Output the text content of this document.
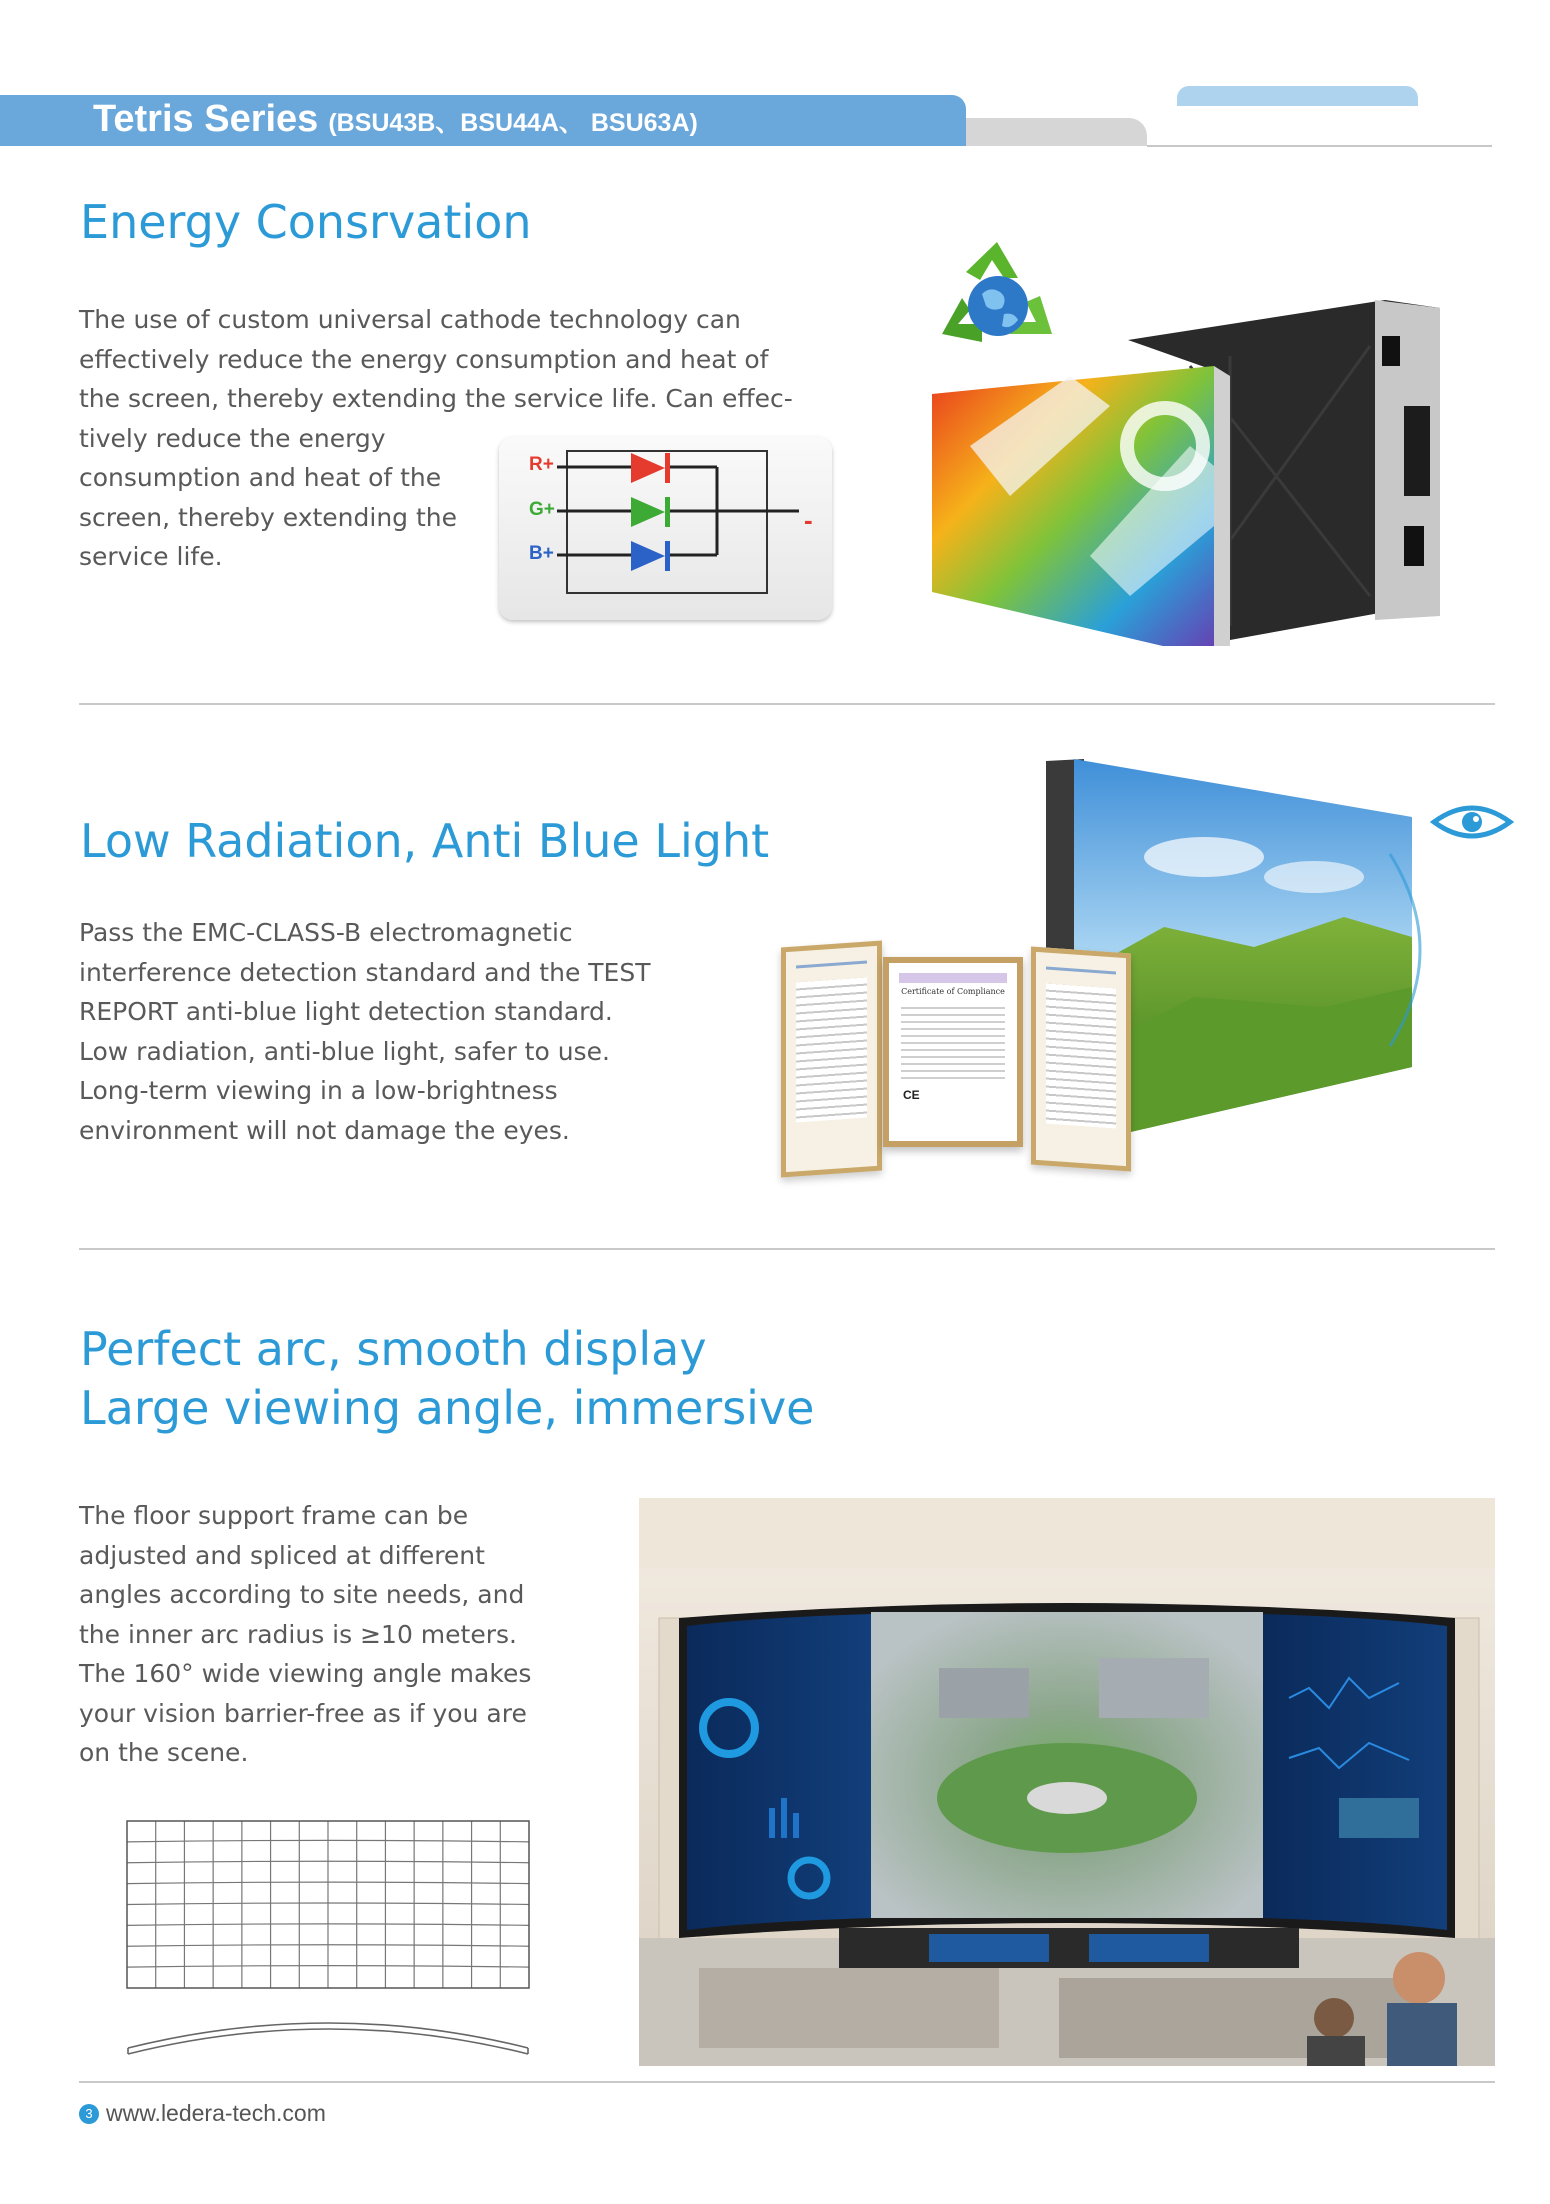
Tetris Series (BSU43B、BSU44A、 BSU63A)
Energy Consrvation
The use of custom universal cathode technology can
effectively reduce the energy consumption and heat of
the screen, thereby extending the service life. Can effec-
tively reduce the energy
consumption and heat of the
screen, thereby extending the
service life.
R+
G+
B+
-
Low Radiation, Anti Blue Light
Pass the EMC-CLASS-B electromagnetic
interference detection standard and the TEST
REPORT anti-blue light detection standard.
Low radiation, anti-blue light, safer to use.
Long-term viewing in a low-brightness
environment will not damage the eyes.
Certificate of Compliance
CE
Perfect arc, smooth display
Large viewing angle, immersive
The floor support frame can be
adjusted and spliced at different
angles according to site needs, and
the inner arc radius is ≥10 meters.
The 160° wide viewing angle makes
your vision barrier-free as if you are
on the scene.
3 www.ledera-tech.com
